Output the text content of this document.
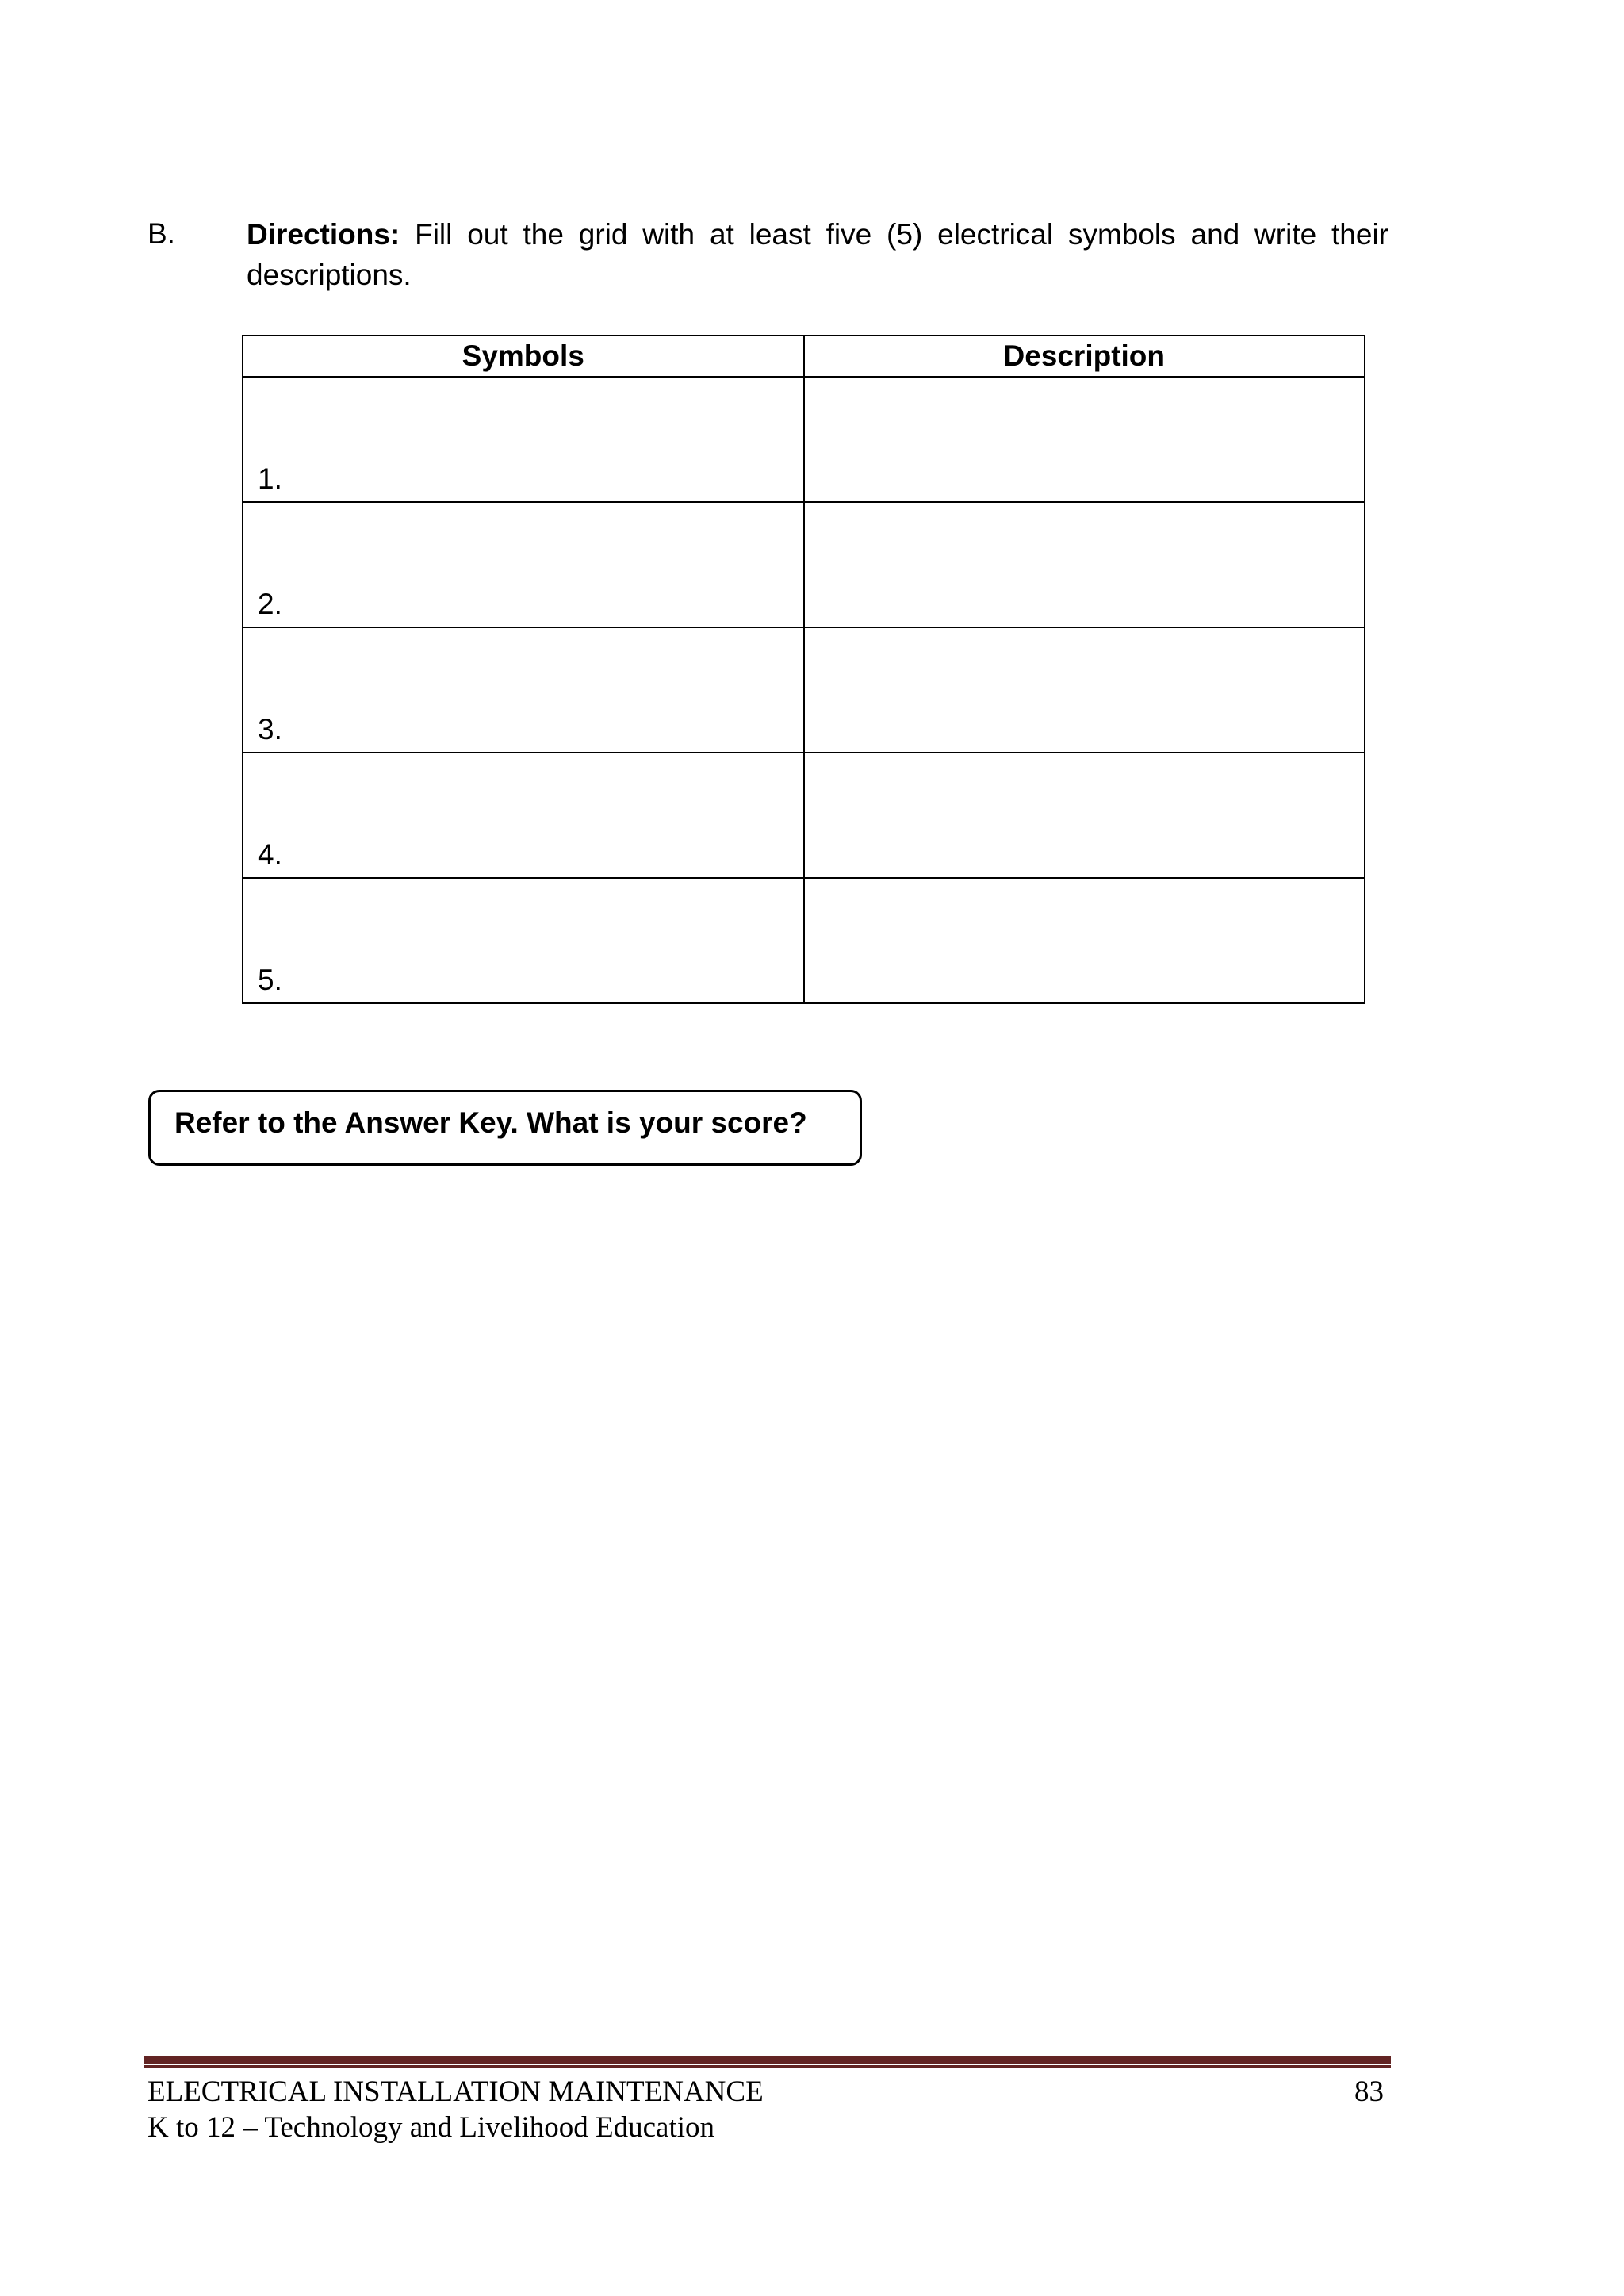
B. Directions: Fill out the grid with at least five (5) electrical symbols and write their descriptions.
Symbols	Description
1.	
2.	
3.	
4.	
5.	
Refer to the Answer Key. What is your score?
ELECTRICAL INSTALLATION MAINTENANCE
K to 12 – Technology and Livelihood Education
83
